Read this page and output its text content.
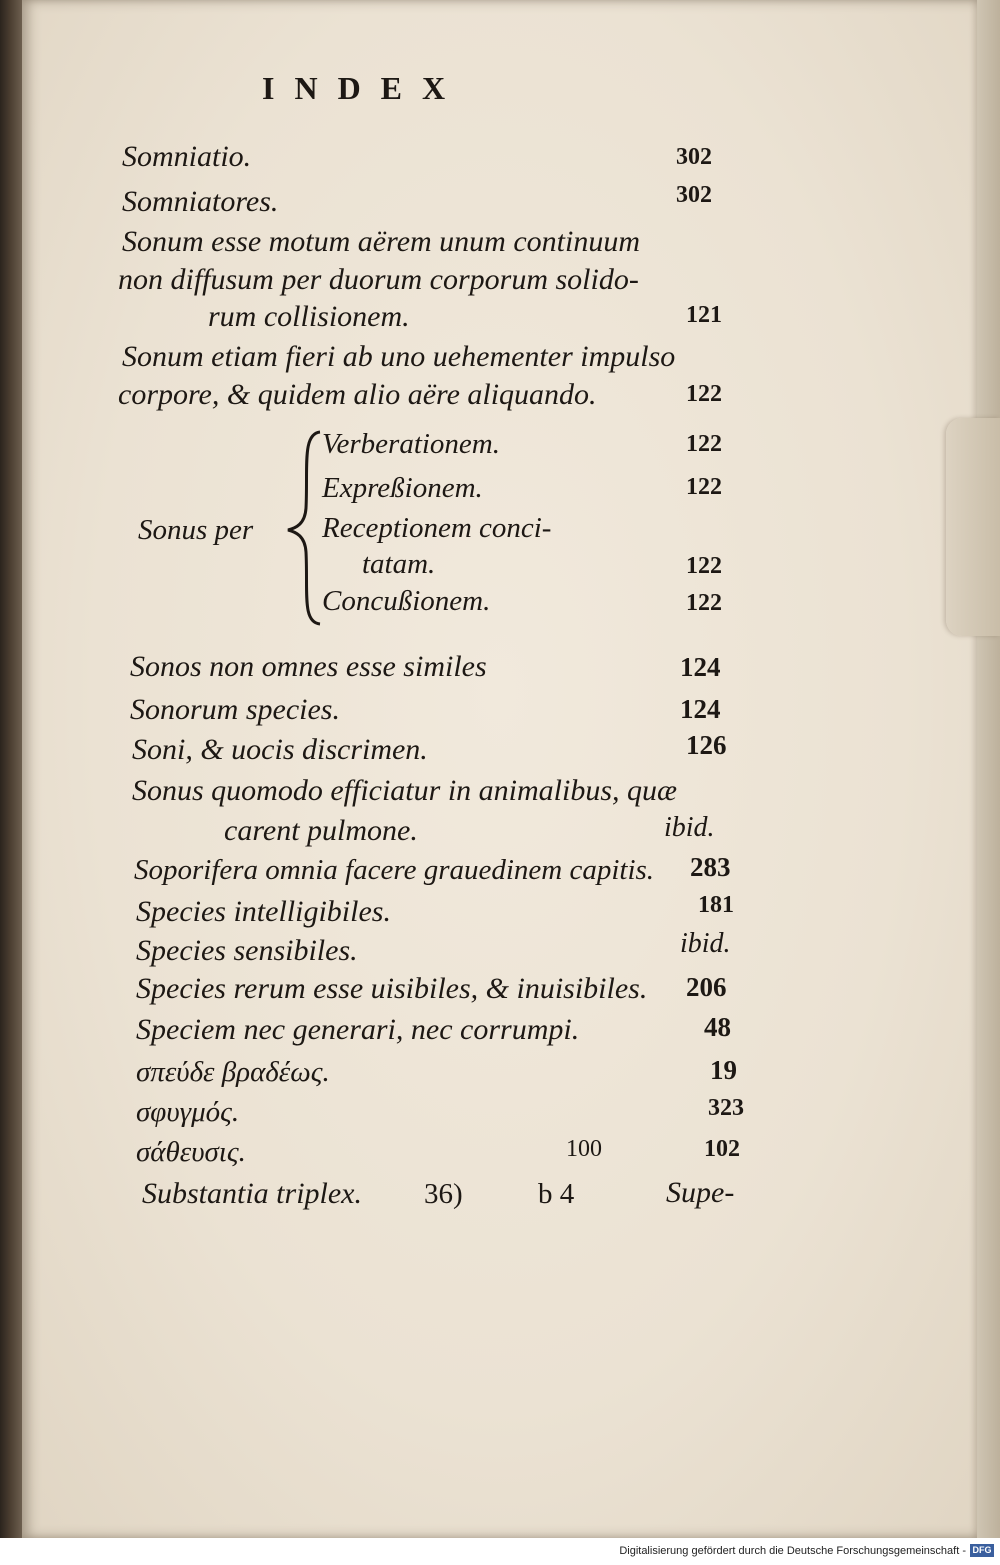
INDEX
Somniatio.	302
Somniatores.	302
Sonum esse motum aërem unum continuum
non diffusum per duorum corporum solido-
rum collisionem.	121
Sonum etiam fieri ab uno uehementer impulso
corpore, & quidem alio aëre aliquando.	122
Sonus per
Verberationem.	122
Expreßionem.	122
Receptionem conci-
tatam.	122
Concußionem.	122
Sonos non omnes esse similes	124
Sonorum species.	124
Soni, & uocis discrimen.	126
Sonus quomodo efficiatur in animalibus, quæ
carent pulmone.	ibid.
Soporifera omnia facere grauedinem capitis. 283
Species intelligibiles.	181
Species sensibiles.	ibid.
Species rerum esse uisibiles, & inuisibiles. 206
Speciem nec generari, nec corrumpi.	48
σπεύδε βραδέως.	19
σφυγμός.	323
σάθευσις.	100	102
Substantia triplex. 36)	b 4	Supe-
Digitalisierung gefördert durch die Deutsche Forschungsgemeinschaft - DFG
